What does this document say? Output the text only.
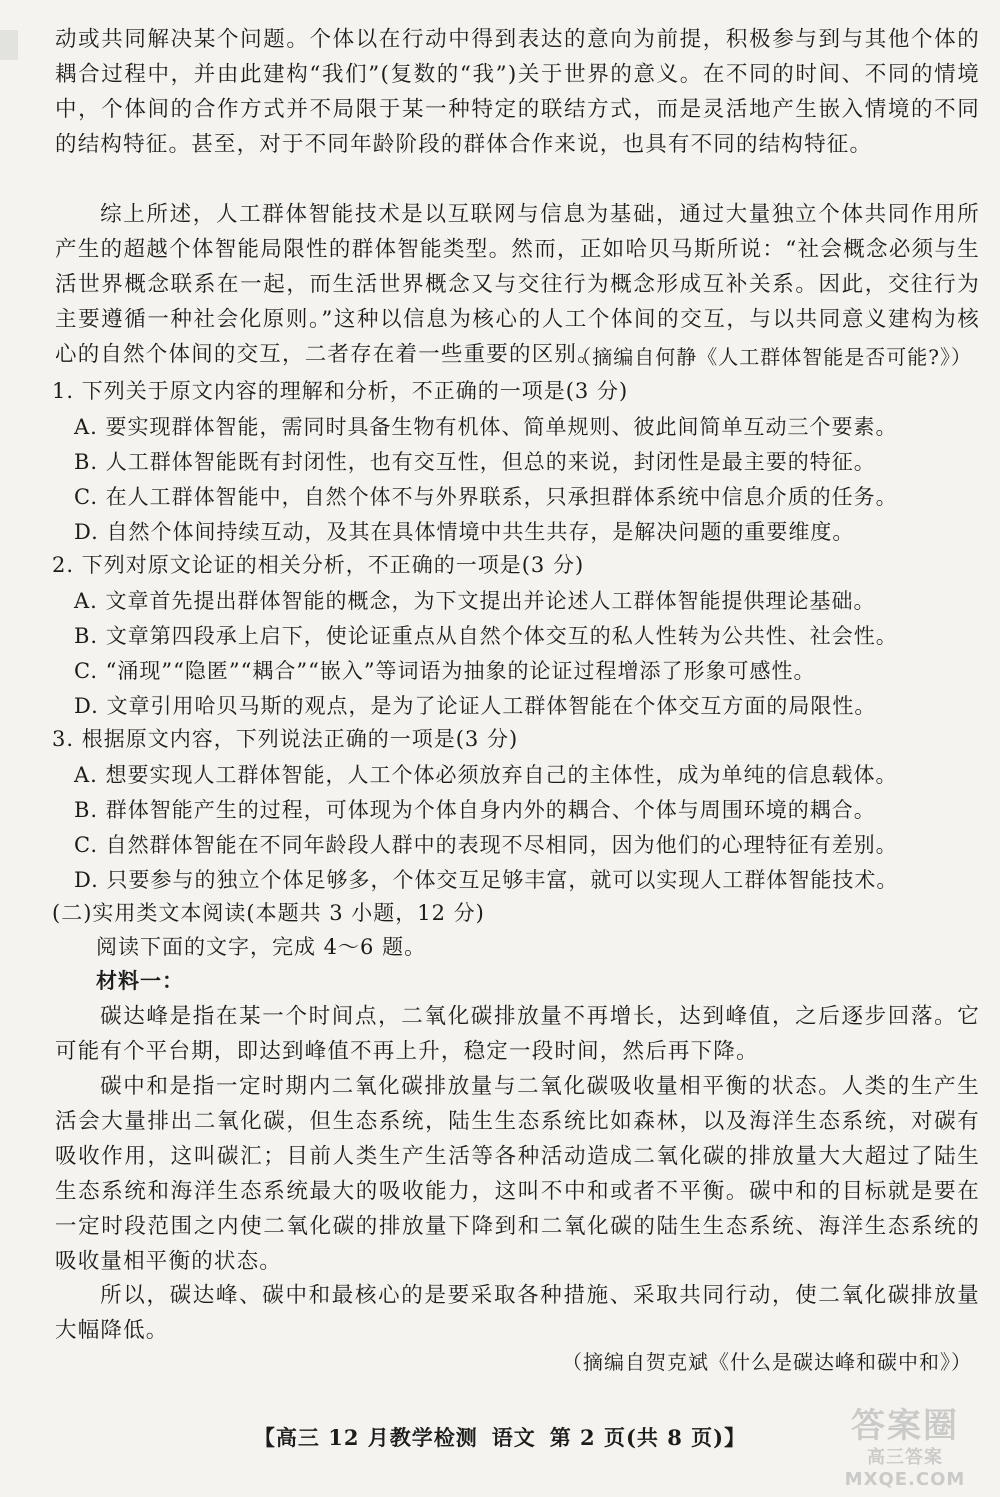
动或共同解决某个问题。个体以在行动中得到表达的意向为前提，积极参与到与其他个体的耦合过程中，并由此建构“我们”(复数的“我”)关于世界的意义。在不同的时间、不同的情境中，个体间的合作方式并不局限于某一种特定的联结方式，而是灵活地产生嵌入情境的不同的结构特征。甚至，对于不同年龄阶段的群体合作来说，也具有不同的结构特征。

综上所述，人工群体智能技术是以互联网与信息为基础，通过大量独立个体共同作用所产生的超越个体智能局限性的群体智能类型。然而，正如哈贝马斯所说：“社会概念必须与生活世界概念联系在一起，而生活世界概念又与交往行为概念形成互补关系。因此，交往行为主要遵循一种社会化原则。”这种以信息为核心的人工个体间的交互，与以共同意义建构为核心的自然个体间的交互，二者存在着一些重要的区别。

（摘编自何静《人工群体智能是否可能?》）

1. 下列关于原文内容的理解和分析，不正确的一项是(3 分)

A. 要实现群体智能，需同时具备生物有机体、简单规则、彼此间简单互动三个要素。

B. 人工群体智能既有封闭性，也有交互性，但总的来说，封闭性是最主要的特征。

C. 在人工群体智能中，自然个体不与外界联系，只承担群体系统中信息介质的任务。

D. 自然个体间持续互动，及其在具体情境中共生共存，是解决问题的重要维度。

2. 下列对原文论证的相关分析，不正确的一项是(3 分)

A. 文章首先提出群体智能的概念，为下文提出并论述人工群体智能提供理论基础。

B. 文章第四段承上启下，使论证重点从自然个体交互的私人性转为公共性、社会性。

C. “涌现”“隐匿”“耦合”“嵌入”等词语为抽象的论证过程增添了形象可感性。

D. 文章引用哈贝马斯的观点，是为了论证人工群体智能在个体交互方面的局限性。

3. 根据原文内容，下列说法正确的一项是(3 分)

A. 想要实现人工群体智能，人工个体必须放弃自己的主体性，成为单纯的信息载体。

B. 群体智能产生的过程，可体现为个体自身内外的耦合、个体与周围环境的耦合。

C. 自然群体智能在不同年龄段人群中的表现不尽相同，因为他们的心理特征有差别。

D. 只要参与的独立个体足够多，个体交互足够丰富，就可以实现人工群体智能技术。

(二)实用类文本阅读(本题共 3 小题，12 分)

阅读下面的文字，完成 4～6 题。

材料一：

碳达峰是指在某一个时间点，二氧化碳排放量不再增长，达到峰值，之后逐步回落。它可能有个平台期，即达到峰值不再上升，稳定一段时间，然后再下降。

碳中和是指一定时期内二氧化碳排放量与二氧化碳吸收量相平衡的状态。人类的生产生活会大量排出二氧化碳，但生态系统，陆生生态系统比如森林，以及海洋生态系统，对碳有吸收作用，这叫碳汇；目前人类生产生活等各种活动造成二氧化碳的排放量大大超过了陆生生态系统和海洋生态系统最大的吸收能力，这叫不中和或者不平衡。碳中和的目标就是要在一定时段范围之内使二氧化碳的排放量下降到和二氧化碳的陆生生态系统、海洋生态系统的吸收量相平衡的状态。

所以，碳达峰、碳中和最核心的是要采取各种措施、采取共同行动，使二氧化碳排放量大幅降低。

（摘编自贺克斌《什么是碳达峰和碳中和》）

【高三 12 月教学检测 语文 第 2 页(共 8 页)】	答案圈
高三答案
MXQE.COM
